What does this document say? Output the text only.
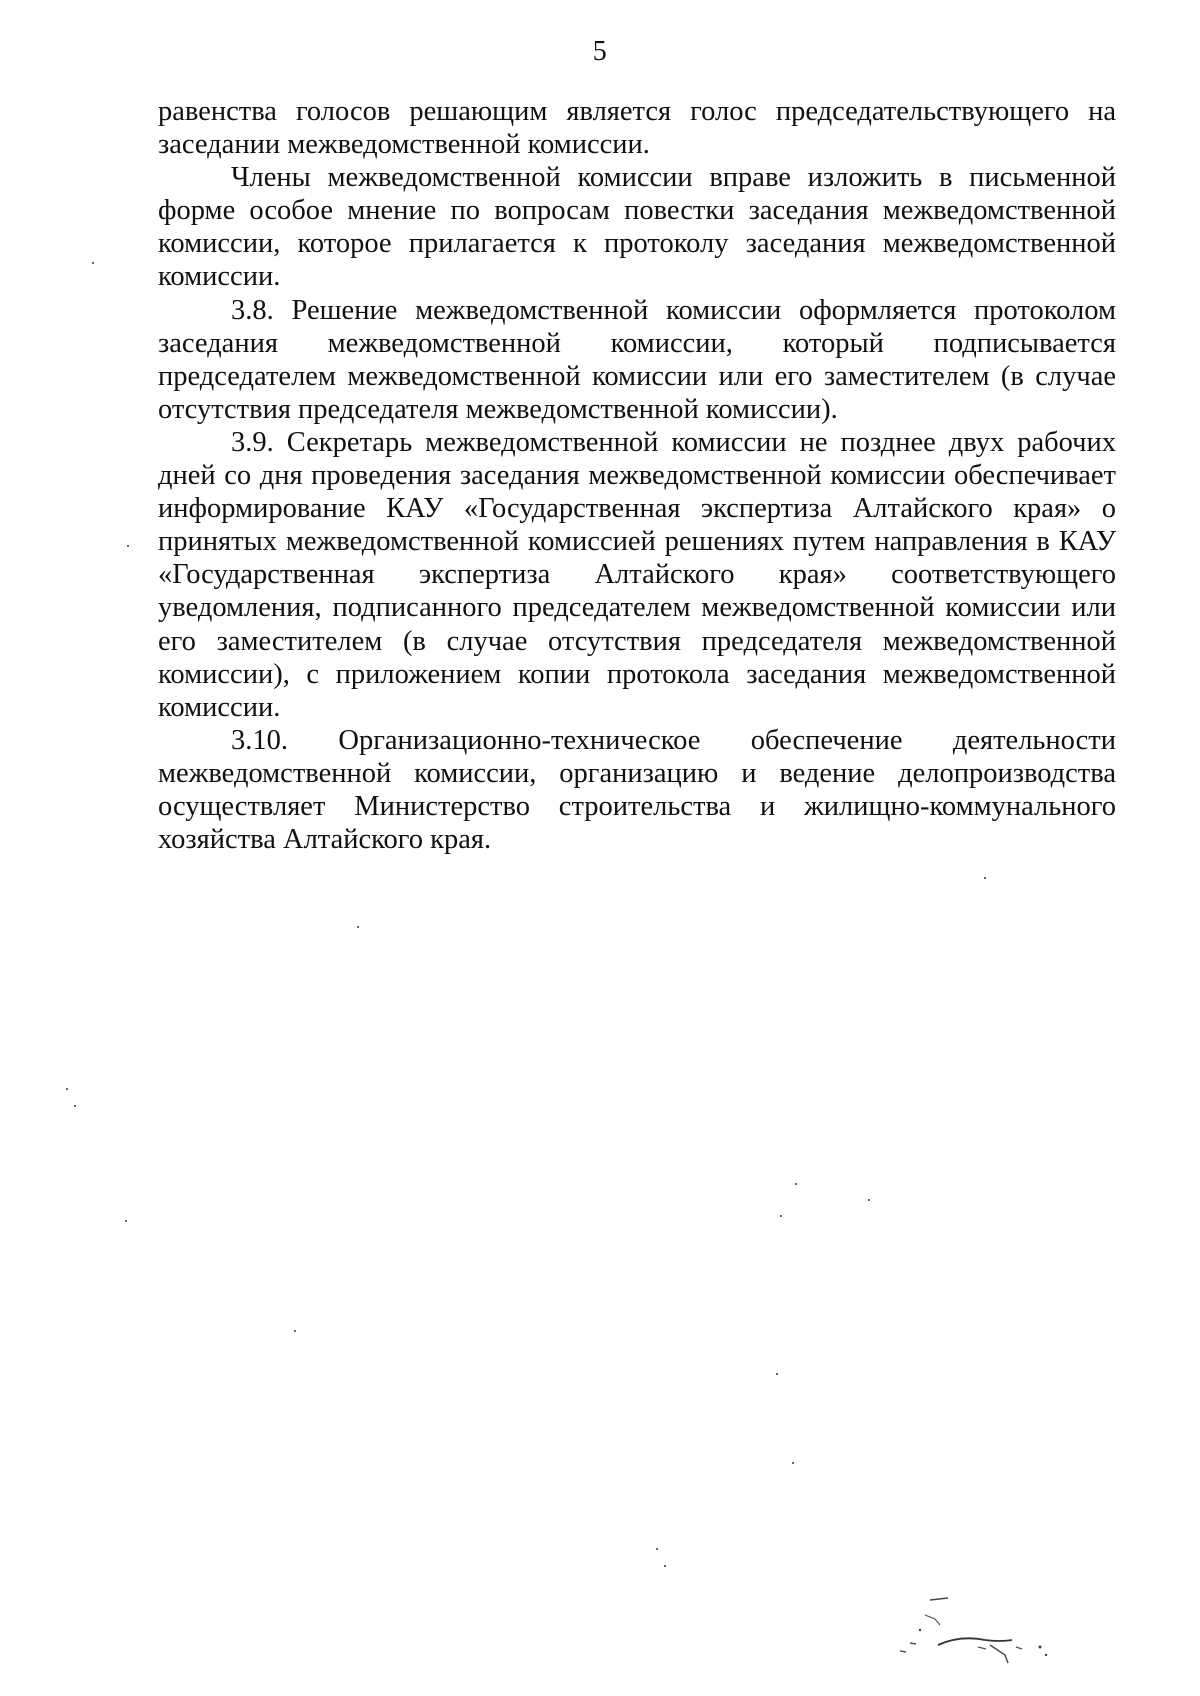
5

равенства голосов решающим является голос председательствующего на заседании межведомственной комиссии.

Члены межведомственной комиссии вправе изложить в письменной форме особое мнение по вопросам повестки заседания межведомственной комиссии, которое прилагается к протоколу заседания межведомственной комиссии.

3.8. Решение межведомственной комиссии оформляется протоколом заседания межведомственной комиссии, который подписывается председателем межведомственной комиссии или его заместителем (в случае отсутствия председателя межведомственной комиссии).

3.9. Секретарь межведомственной комиссии не позднее двух рабочих дней со дня проведения заседания межведомственной комиссии обеспечивает информирование КАУ «Государственная экспертиза Алтайского края» о принятых межведомственной комиссией решениях путем направления в КАУ «Государственная экспертиза Алтайского края» соответствующего уведомления, подписанного председателем межведомственной комиссии или его заместителем (в случае отсутствия председателя межведомственной комиссии), с приложением копии протокола заседания межведомственной комиссии.

3.10. Организационно-техническое обеспечение деятельности межведомственной комиссии, организацию и ведение делопроизводства осуществляет Министерство строительства и жилищно-коммунального хозяйства Алтайского края.
